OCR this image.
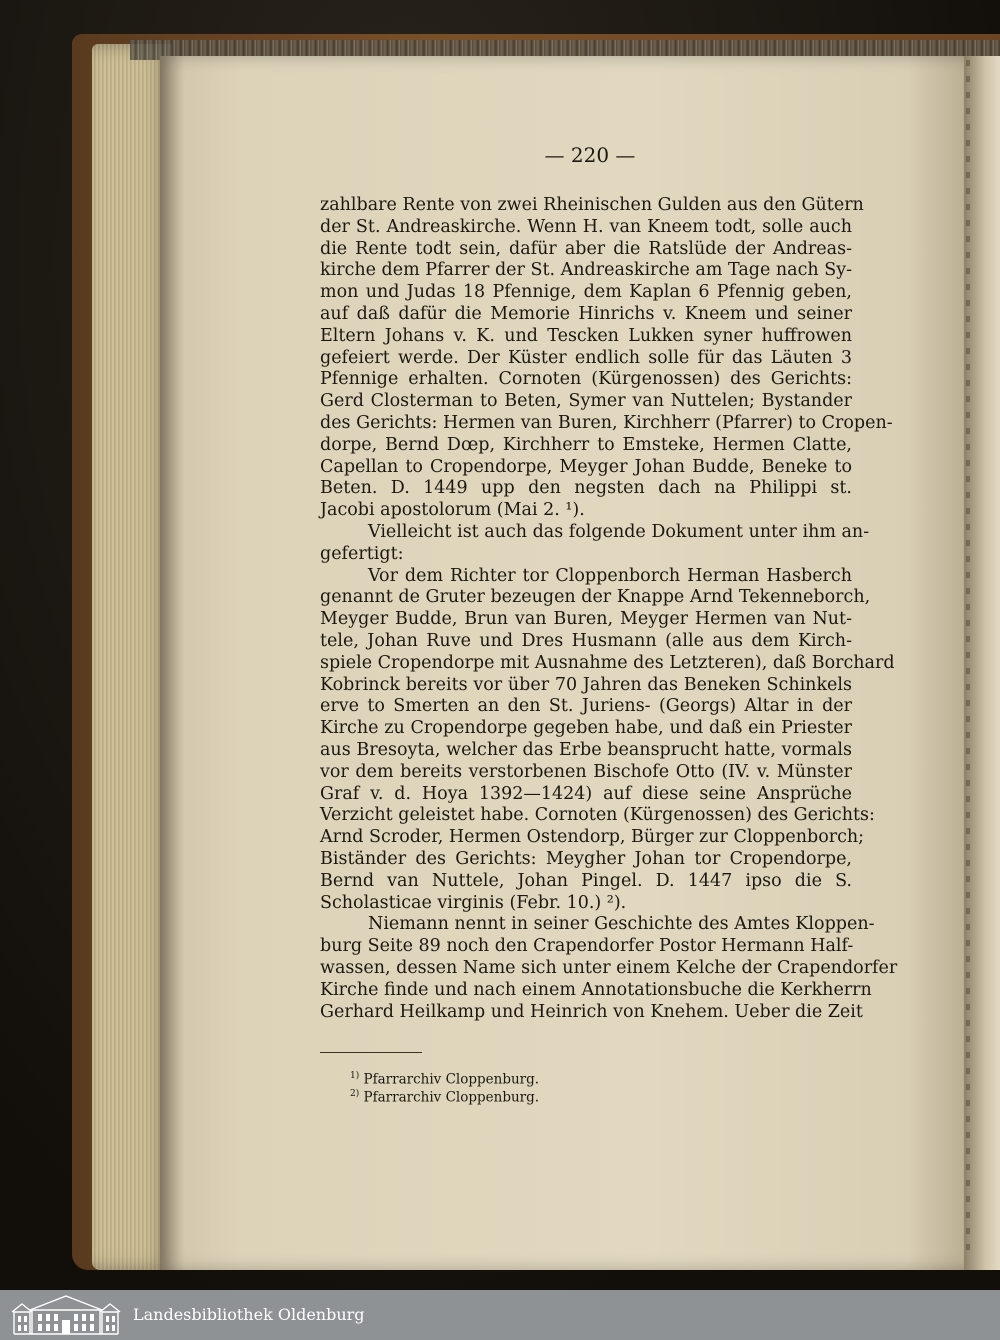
— 220 —
zahlbare Rente von zwei Rheinischen Gulden aus den Gütern
der St. Andreaskirche. Wenn H. van Kneem todt, solle auch
die Rente todt sein, dafür aber die Ratslüde der Andreas-
kirche dem Pfarrer der St. Andreaskirche am Tage nach Sy-
mon und Judas 18 Pfennige, dem Kaplan 6 Pfennig geben,
auf daß dafür die Memorie Hinrichs v. Kneem und seiner
Eltern Johans v. K. und Tescken Lukken syner huffrowen
gefeiert werde. Der Küster endlich solle für das Läuten 3
Pfennige erhalten. Cornoten (Kürgenossen) des Gerichts:
Gerd Closterman to Beten, Symer van Nuttelen; Bystander
des Gerichts: Hermen van Buren, Kirchherr (Pfarrer) to Cropen-
dorpe, Bernd Dœp, Kirchherr to Emsteke, Hermen Clatte,
Capellan to Cropendorpe, Meyger Johan Budde, Beneke to
Beten. D. 1449 upp den negsten dach na Philippi st.
Jacobi apostolorum (Mai 2. ¹).
Vielleicht ist auch das folgende Dokument unter ihm an-
gefertigt:
Vor dem Richter tor Cloppenborch Herman Hasberch
genannt de Gruter bezeugen der Knappe Arnd Tekenneborch,
Meyger Budde, Brun van Buren, Meyger Hermen van Nut-
tele, Johan Ruve und Dres Husmann (alle aus dem Kirch-
spiele Cropendorpe mit Ausnahme des Letzteren), daß Borchard
Kobrinck bereits vor über 70 Jahren das Beneken Schinkels
erve to Smerten an den St. Juriens- (Georgs) Altar in der
Kirche zu Cropendorpe gegeben habe, und daß ein Priester
aus Bresoyta, welcher das Erbe beansprucht hatte, vormals
vor dem bereits verstorbenen Bischofe Otto (IV. v. Münster
Graf v. d. Hoya 1392—1424) auf diese seine Ansprüche
Verzicht geleistet habe. Cornoten (Kürgenossen) des Gerichts:
Arnd Scroder, Hermen Ostendorp, Bürger zur Cloppenborch;
Biständer des Gerichts: Meygher Johan tor Cropendorpe,
Bernd van Nuttele, Johan Pingel. D. 1447 ipso die S.
Scholasticae virginis (Febr. 10.) ²).
Niemann nennt in seiner Geschichte des Amtes Kloppen-
burg Seite 89 noch den Crapendorfer Postor Hermann Half-
wassen, dessen Name sich unter einem Kelche der Crapendorfer
Kirche finde und nach einem Annotationsbuche die Kerkherrn
Gerhard Heilkamp und Heinrich von Knehem. Ueber die Zeit
$^{1)}$ Pfarrarchiv Cloppenburg.
$^{2)}$ Pfarrarchiv Cloppenburg.
Landesbibliothek Oldenburg
